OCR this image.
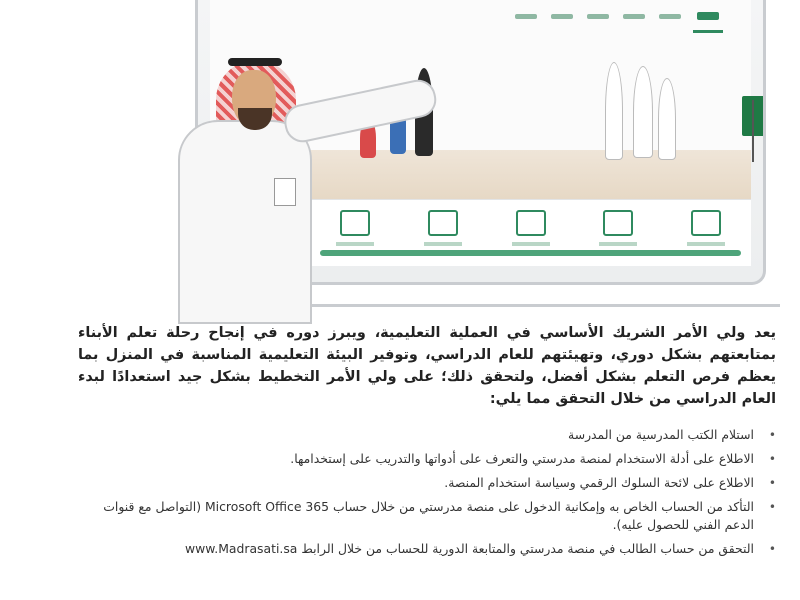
يعد ولي الأمر الشريك الأساسي في العملية التعليمية، ويبرز دوره في إنجاح رحلة تعلم الأبناء بمتابعتهم بشكل دوري، وتهيئتهم للعام الدراسي، وتوفير البيئة التعليمية المناسبة في المنزل بما يعظم فرص التعلم بشكل أفضل، ولتحقق ذلك؛ على ولي الأمر التخطيط بشكل جيد استعدادًا لبدء العام الدراسي من خلال التحقق مما يلي:

•
استلام الكتب المدرسية من المدرسة
•
الاطلاع على أدلة الاستخدام لمنصة مدرستي والتعرف على أدواتها والتدريب على إستخدامها.
•
الاطلاع على لائحة السلوك الرقمي وسياسة استخدام المنصة.
•
التأكد من الحساب الخاص به وإمكانية الدخول على منصة مدرستي من خلال حساب Microsoft Office 365 (التواصل مع قنوات الدعم الفني للحصول عليه).
•
التحقق من حساب الطالب في منصة مدرستي والمتابعة الدورية للحساب من خلال الرابط www.Madrasati.sa
